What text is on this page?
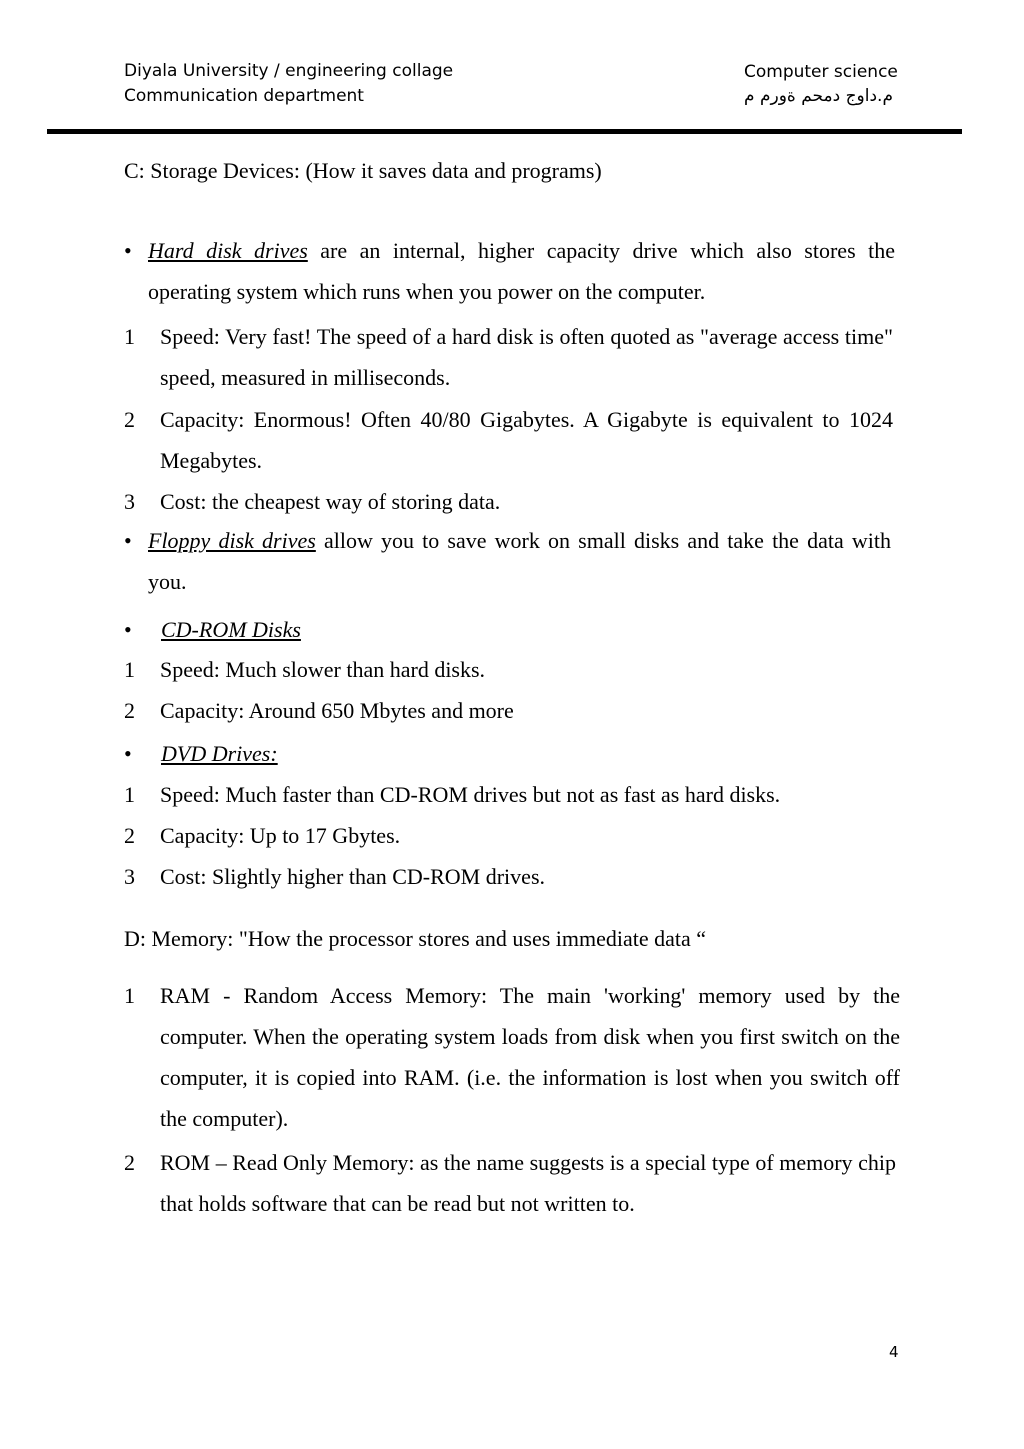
Diyala University / engineering collage
Communication department
Computer science
م.داوج دمحم ةورم م
C: Storage Devices: (How it saves data and programs)
• Hard disk drives are an internal, higher capacity drive which also stores the operating system which runs when you power on the computer.
1 Speed: Very fast! The speed of a hard disk is often quoted as "average access time" speed, measured in milliseconds.
2 Capacity: Enormous! Often 40/80 Gigabytes. A Gigabyte is equivalent to 1024 Megabytes.
3 Cost: the cheapest way of storing data.
• Floppy disk drives allow you to save work on small disks and take the data with you.
• CD-ROM Disks
1 Speed: Much slower than hard disks.
2 Capacity: Around 650 Mbytes and more
• DVD Drives:
1 Speed: Much faster than CD-ROM drives but not as fast as hard disks.
2 Capacity: Up to 17 Gbytes.
3 Cost: Slightly higher than CD-ROM drives.
D: Memory: "How the processor stores and uses immediate data “
1 RAM - Random Access Memory: The main 'working' memory used by the computer. When the operating system loads from disk when you first switch on the computer, it is copied into RAM. (i.e. the information is lost when you switch off the computer).
2 ROM – Read Only Memory: as the name suggests is a special type of memory chip that holds software that can be read but not written to.
4
